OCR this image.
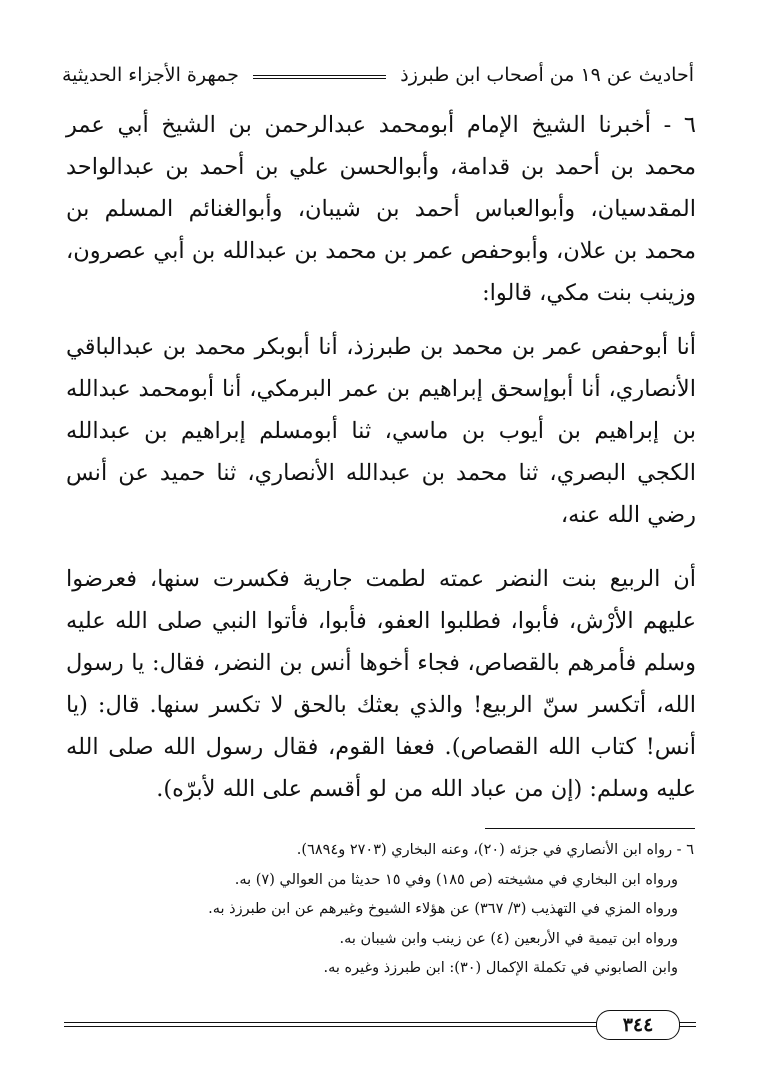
أحاديث عن ١٩ من أصحاب ابن طبرزذ
جمهرة الأجزاء الحديثية

٦ - أخبرنا الشيخ الإمام أبومحمد عبدالرحمن بن الشيخ أبي عمر محمد بن أحمد بن قدامة، وأبوالحسن علي بن أحمد بن عبدالواحد المقدسيان، وأبوالعباس أحمد بن شيبان، وأبوالغنائم المسلم بن محمد بن علان، وأبوحفص عمر بن محمد بن عبدالله بن أبي عصرون، وزينب بنت مكي، قالوا:

أنا أبوحفص عمر بن محمد بن طبرزذ، أنا أبوبكر محمد بن عبدالباقي الأنصاري، أنا أبوإسحق إبراهيم بن عمر البرمكي، أنا أبومحمد عبدالله بن إبراهيم بن أيوب بن ماسي، ثنا أبومسلم إبراهيم بن عبدالله الكجي البصري، ثنا محمد بن عبدالله الأنصاري، ثنا حميد عن أنس رضي الله عنه،

أن الربيع بنت النضر عمته لطمت جارية فكسرت سنها، فعرضوا عليهم الأرْش، فأبوا، فطلبوا العفو، فأبوا، فأتوا النبي صلى الله عليه وسلم فأمرهم بالقصاص، فجاء أخوها أنس بن النضر، فقال: يا رسول الله، أتكسر سنّ الربيع! والذي بعثك بالحق لا تكسر سنها. قال: (يا أنس! كتاب الله القصاص). فعفا القوم، فقال رسول الله صلى الله عليه وسلم: (إن من عباد الله من لو أقسم على الله لأبرّه).

٦ - رواه ابن الأنصاري في جزئه (٢٠)، وعنه البخاري (٢٧٠٣ و٦٨٩٤).
ورواه ابن البخاري في مشيخته (ص ١٨٥) وفي ١٥ حديثا من العوالي (٧) به.
ورواه المزي في التهذيب (٣/ ٣٦٧) عن هؤلاء الشيوخ وغيرهم عن ابن طبرزذ به.
ورواه ابن تيمية في الأربعين (٤) عن زينب وابن شيبان به.
وابن الصابوني في تكملة الإكمال (٣٠): ابن طبرزذ وغيره به.
٣٤٤
